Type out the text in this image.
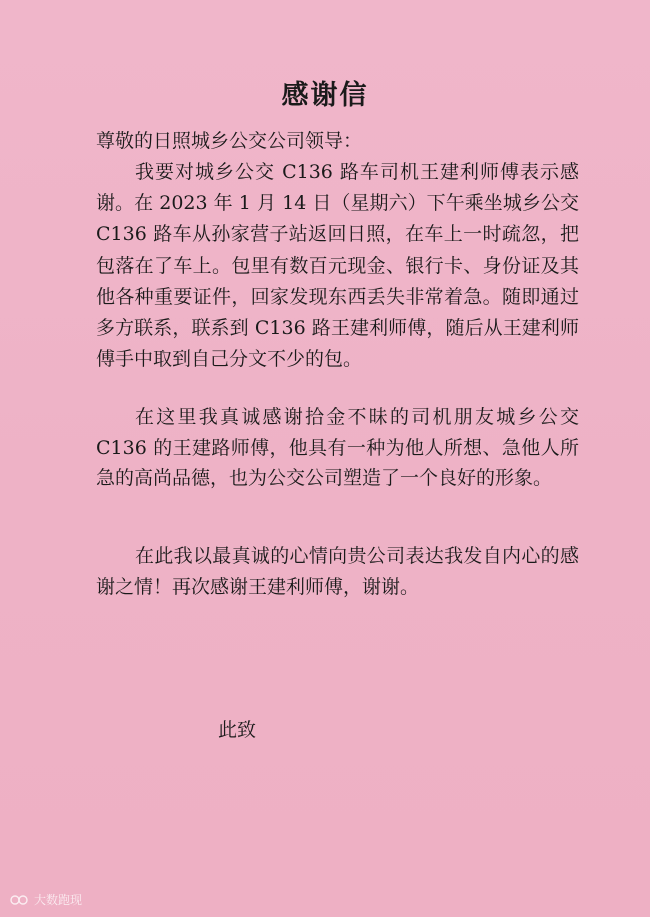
感谢信
尊敬的日照城乡公交公司领导：

我要对城乡公交 C136 路车司机王建利师傅表示感谢。在 2023 年 1 月 14 日（星期六）下午乘坐城乡公交 C136 路车从孙家营子站返回日照，在车上一时疏忽，把包落在了车上。包里有数百元现金、银行卡、身份证及其他各种重要证件，回家发现东西丢失非常着急。随即通过多方联系，联系到 C136 路王建利师傅，随后从王建利师傅手中取到自己分文不少的包。

在这里我真诚感谢拾金不昧的司机朋友城乡公交 C136 的王建路师傅，他具有一种为他人所想、急他人所急的高尚品德，也为公交公司塑造了一个良好的形象。

在此我以最真诚的心情向贵公司表达我发自内心的感谢之情！再次感谢王建利师傅，谢谢。

此致
大数跑现
